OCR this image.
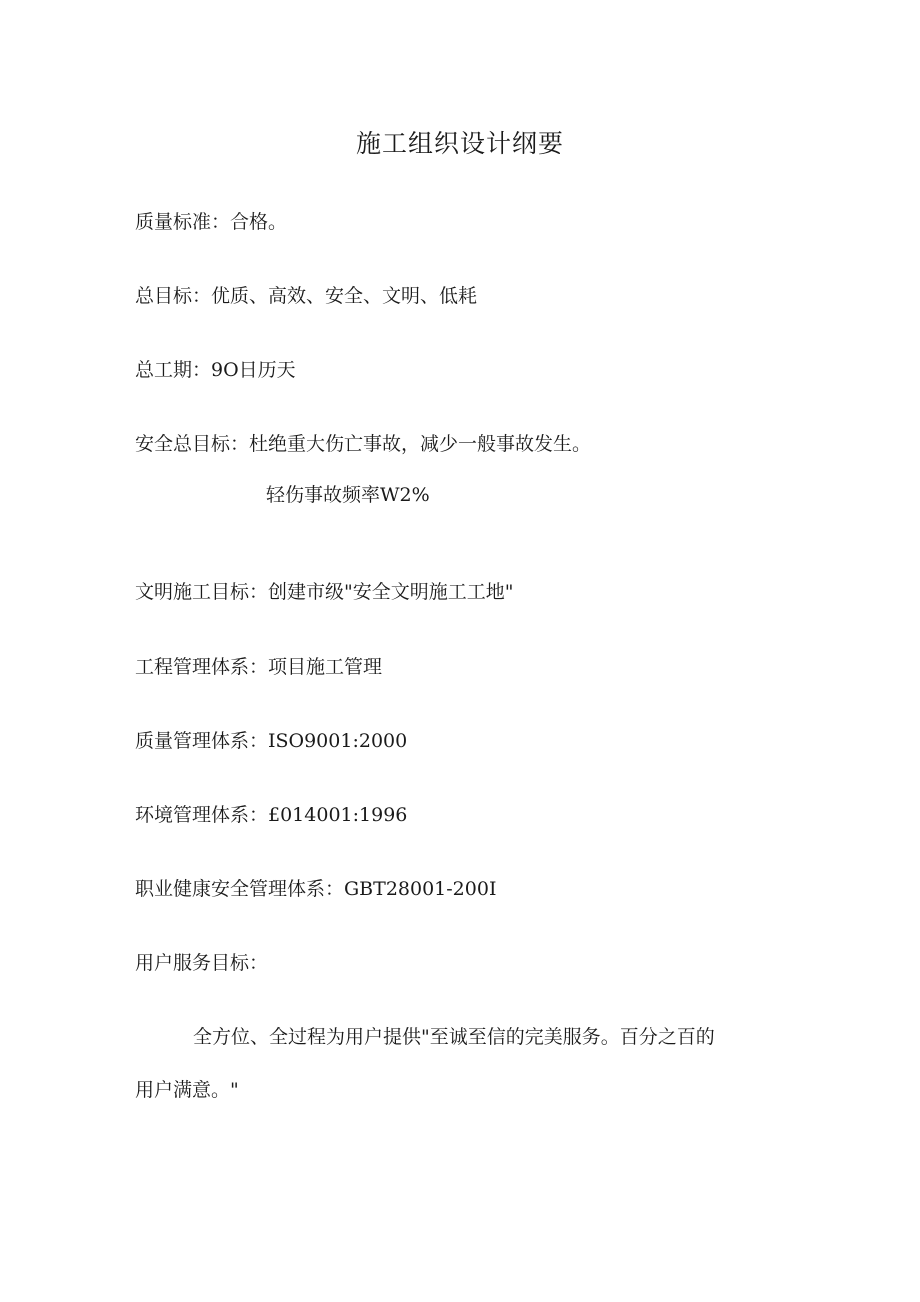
施工组织设计纲要
质量标准：合格。
总目标：优质、高效、安全、文明、低耗
总工期：9O日历天
安全总目标：杜绝重大伤亡事故，减少一般事故发生。
轻伤事故频率W2%
文明施工目标：创建市级"安全文明施工工地"
工程管理体系：项目施工管理
质量管理体系：ISO9001:2000
环境管理体系：£014001:1996
职业健康安全管理体系：GBT28001-200I
用户服务目标：
全方位、全过程为用户提供"至诚至信的完美服务。百分之百的
用户满意。"
